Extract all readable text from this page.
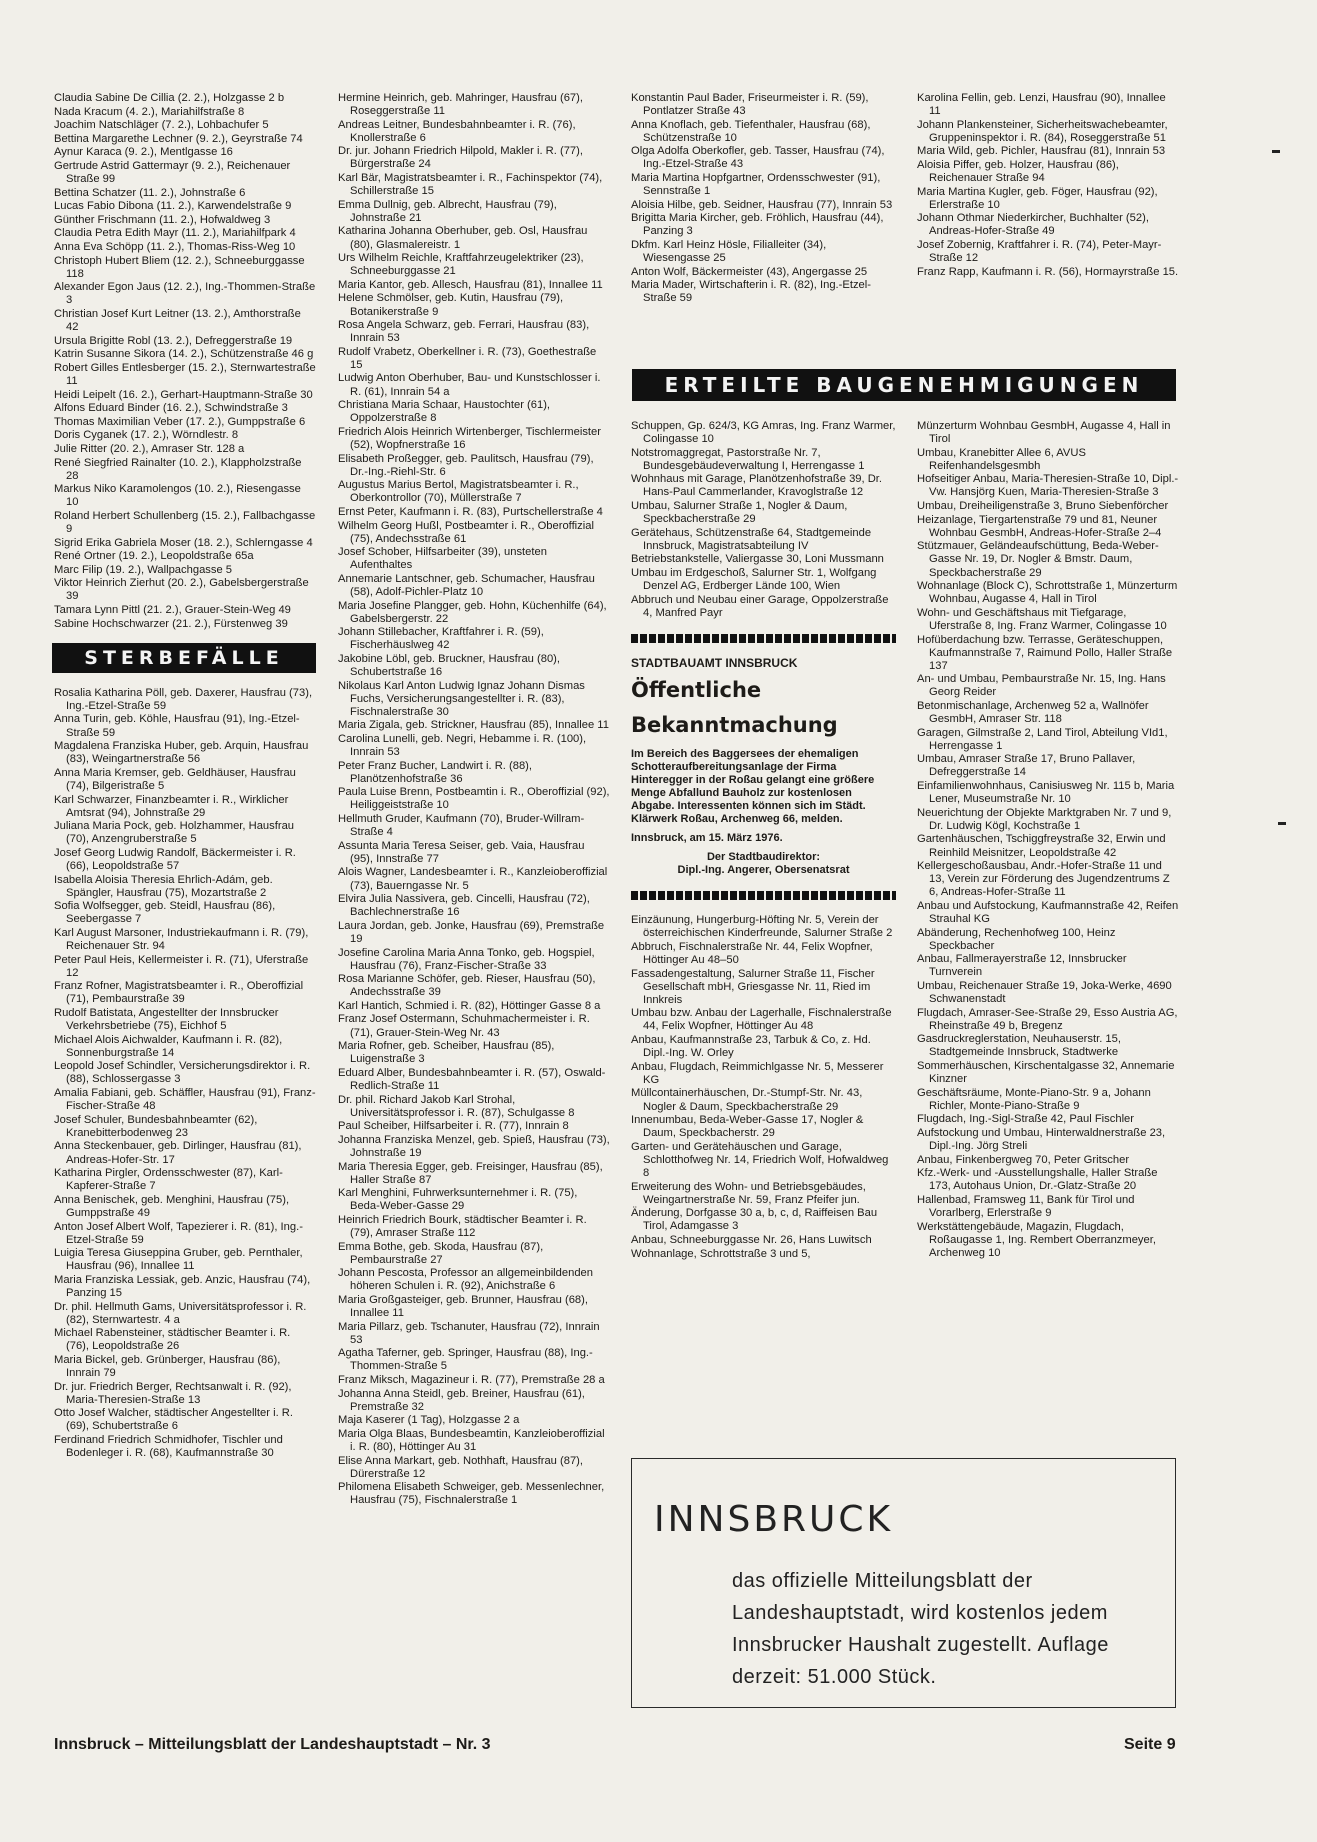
Claudia Sabine De Cillia (2. 2.), Holzgasse 2 b

Nada Kracum (4. 2.), Mariahilfstraße 8

Joachim Natschläger (7. 2.), Lohbachufer 5

Bettina Margarethe Lechner (9. 2.), Geyrstraße 74

Aynur Karaca (9. 2.), Mentlgasse 16

Gertrude Astrid Gattermayr (9. 2.), Reichenauer Straße 99

Bettina Schatzer (11. 2.), Johnstraße 6

Lucas Fabio Dibona (11. 2.), Karwendelstraße 9

Günther Frischmann (11. 2.), Hofwaldweg 3

Claudia Petra Edith Mayr (11. 2.), Mariahilfpark 4

Anna Eva Schöpp (11. 2.), Thomas-Riss-Weg 10

Christoph Hubert Bliem (12. 2.), Schneeburggasse 118

Alexander Egon Jaus (12. 2.), Ing.-Thommen-Straße 3

Christian Josef Kurt Leitner (13. 2.), Amthorstraße 42

Ursula Brigitte Robl (13. 2.), Defreggerstraße 19

Katrin Susanne Sikora (14. 2.), Schützenstraße 46 g

Robert Gilles Entlesberger (15. 2.), Sternwartestraße 11

Heidi Leipelt (16. 2.), Gerhart-Hauptmann-Straße 30

Alfons Eduard Binder (16. 2.), Schwindstraße 3

Thomas Maximilian Veber (17. 2.), Gumppstraße 6

Doris Cyganek (17. 2.), Wörndlestr. 8

Julie Ritter (20. 2.), Amraser Str. 128 a

René Siegfried Rainalter (10. 2.), Klappholzstraße 28

Markus Niko Karamolengos (10. 2.), Riesengasse 10

Roland Herbert Schullenberg (15. 2.), Fallbachgasse 9

Sigrid Erika Gabriela Moser (18. 2.), Schlerngasse 4

René Ortner (19. 2.), Leopoldstraße 65a

Marc Filip (19. 2.), Wallpachgasse 5

Viktor Heinrich Zierhut (20. 2.), Gabelsbergerstraße 39

Tamara Lynn Pittl (21. 2.), Grauer-Stein-Weg 49

Sabine Hochschwarzer (21. 2.), Fürstenweg 39

STERBEFÄLLE

Rosalia Katharina Pöll, geb. Daxerer, Hausfrau (73), Ing.-Etzel-Straße 59

Anna Turin, geb. Köhle, Hausfrau (91), Ing.-Etzel-Straße 59

Magdalena Franziska Huber, geb. Arquin, Hausfrau (83), Weingartnerstraße 56

Anna Maria Kremser, geb. Geldhäuser, Hausfrau (74), Bilgeristraße 5

Karl Schwarzer, Finanzbeamter i. R., Wirklicher Amtsrat (94), Johnstraße 29

Juliana Maria Pock, geb. Holzhammer, Hausfrau (70), Anzengruberstraße 5

Josef Georg Ludwig Randolf, Bäckermeister i. R. (66), Leopoldstraße 57

Isabella Aloisia Theresia Ehrlich-Adám, geb. Spängler, Hausfrau (75), Mozartstraße 2

Sofia Wolfsegger, geb. Steidl, Hausfrau (86), Seebergasse 7

Karl August Marsoner, Industriekaufmann i. R. (79), Reichenauer Str. 94

Peter Paul Heis, Kellermeister i. R. (71), Uferstraße 12

Franz Rofner, Magistratsbeamter i. R., Oberoffizial (71), Pembaurstraße 39

Rudolf Batistata, Angestellter der Innsbrucker Verkehrsbetriebe (75), Eichhof 5

Michael Alois Aichwalder, Kaufmann i. R. (82), Sonnenburgstraße 14

Leopold Josef Schindler, Versicherungsdirektor i. R. (88), Schlossergasse 3

Amalia Fabiani, geb. Schäffler, Hausfrau (91), Franz-Fischer-Straße 48

Josef Schuler, Bundesbahnbeamter (62), Kranebitterbodenweg 23

Anna Steckenbauer, geb. Dirlinger, Hausfrau (81), Andreas-Hofer-Str. 17

Katharina Pirgler, Ordensschwester (87), Karl-Kapferer-Straße 7

Anna Benischek, geb. Menghini, Hausfrau (75), Gumppstraße 49

Anton Josef Albert Wolf, Tapezierer i. R. (81), Ing.-Etzel-Straße 59

Luigia Teresa Giuseppina Gruber, geb. Pernthaler, Hausfrau (96), Innallee 11

Maria Franziska Lessiak, geb. Anzic, Hausfrau (74), Panzing 15

Dr. phil. Hellmuth Gams, Universitätsprofessor i. R. (82), Sternwartestr. 4 a

Michael Rabensteiner, städtischer Beamter i. R. (76), Leopoldstraße 26

Maria Bickel, geb. Grünberger, Hausfrau (86), Innrain 79

Dr. jur. Friedrich Berger, Rechtsanwalt i. R. (92), Maria-Theresien-Straße 13

Otto Josef Walcher, städtischer Angestellter i. R. (69), Schubertstraße 6

Ferdinand Friedrich Schmidhofer, Tischler und Bodenleger i. R. (68), Kaufmannstraße 30

Hermine Heinrich, geb. Mahringer, Hausfrau (67), Roseggerstraße 11

Andreas Leitner, Bundesbahnbeamter i. R. (76), Knollerstraße 6

Dr. jur. Johann Friedrich Hilpold, Makler i. R. (77), Bürgerstraße 24

Karl Bär, Magistratsbeamter i. R., Fachinspektor (74), Schillerstraße 15

Emma Dullnig, geb. Albrecht, Hausfrau (79), Johnstraße 21

Katharina Johanna Oberhuber, geb. Osl, Hausfrau (80), Glasmalereistr. 1

Urs Wilhelm Reichle, Kraftfahrzeugelektriker (23), Schneeburggasse 21

Maria Kantor, geb. Allesch, Hausfrau (81), Innallee 11

Helene Schmölser, geb. Kutin, Hausfrau (79), Botanikerstraße 9

Rosa Angela Schwarz, geb. Ferrari, Hausfrau (83), Innrain 53

Rudolf Vrabetz, Oberkellner i. R. (73), Goethestraße 15

Ludwig Anton Oberhuber, Bau- und Kunstschlosser i. R. (61), Innrain 54 a

Christiana Maria Schaar, Haustochter (61), Oppolzerstraße 8

Friedrich Alois Heinrich Wirtenberger, Tischlermeister (52), Wopfnerstraße 16

Elisabeth Proßegger, geb. Paulitsch, Hausfrau (79), Dr.-Ing.-Riehl-Str. 6

Augustus Marius Bertol, Magistratsbeamter i. R., Oberkontrollor (70), Müllerstraße 7

Ernst Peter, Kaufmann i. R. (83), Purtschellerstraße 4

Wilhelm Georg Hußl, Postbeamter i. R., Oberoffizial (75), Andechsstraße 61

Josef Schober, Hilfsarbeiter (39), unsteten Aufenthaltes

Annemarie Lantschner, geb. Schumacher, Hausfrau (58), Adolf-Pichler-Platz 10

Maria Josefine Plangger, geb. Hohn, Küchenhilfe (64), Gabelsbergerstr. 22

Johann Stillebacher, Kraftfahrer i. R. (59), Fischerhäuslweg 42

Jakobine Löbl, geb. Bruckner, Hausfrau (80), Schubertstraße 16

Nikolaus Karl Anton Ludwig Ignaz Johann Dismas Fuchs, Versicherungsangestellter i. R. (83), Fischnalerstraße 30

Maria Zigala, geb. Strickner, Hausfrau (85), Innallee 11

Carolina Lunelli, geb. Negri, Hebamme i. R. (100), Innrain 53

Peter Franz Bucher, Landwirt i. R. (88), Planötzenhofstraße 36

Paula Luise Brenn, Postbeamtin i. R., Oberoffizial (92), Heiliggeiststraße 10

Hellmuth Gruder, Kaufmann (70), Bruder-Willram-Straße 4

Assunta Maria Teresa Seiser, geb. Vaia, Hausfrau (95), Innstraße 77

Alois Wagner, Landesbeamter i. R., Kanzleioberoffizial (73), Bauerngasse Nr. 5

Elvira Julia Nassivera, geb. Cincelli, Hausfrau (72), Bachlechnerstraße 16

Laura Jordan, geb. Jonke, Hausfrau (69), Premstraße 19

Josefine Carolina Maria Anna Tonko, geb. Hogspiel, Hausfrau (76), Franz-Fischer-Straße 33

Rosa Marianne Schöfer, geb. Rieser, Hausfrau (50), Andechsstraße 39

Karl Hantich, Schmied i. R. (82), Höttinger Gasse 8 a

Franz Josef Ostermann, Schuhmachermeister i. R. (71), Grauer-Stein-Weg Nr. 43

Maria Rofner, geb. Scheiber, Hausfrau (85), Luigenstraße 3

Eduard Alber, Bundesbahnbeamter i. R. (57), Oswald-Redlich-Straße 11

Dr. phil. Richard Jakob Karl Strohal, Universitätsprofessor i. R. (87), Schulgasse 8

Paul Scheiber, Hilfsarbeiter i. R. (77), Innrain 8

Johanna Franziska Menzel, geb. Spieß, Hausfrau (73), Johnstraße 19

Maria Theresia Egger, geb. Freisinger, Hausfrau (85), Haller Straße 87

Karl Menghini, Fuhrwerksunternehmer i. R. (75), Beda-Weber-Gasse 29

Heinrich Friedrich Bourk, städtischer Beamter i. R. (79), Amraser Straße 112

Emma Bothe, geb. Skoda, Hausfrau (87), Pembaurstraße 27

Johann Pescosta, Professor an allgemeinbildenden höheren Schulen i. R. (92), Anichstraße 6

Maria Großgasteiger, geb. Brunner, Hausfrau (68), Innallee 11

Maria Pillarz, geb. Tschanuter, Hausfrau (72), Innrain 53

Agatha Taferner, geb. Springer, Hausfrau (88), Ing.-Thommen-Straße 5

Franz Miksch, Magazineur i. R. (77), Premstraße 28 a

Johanna Anna Steidl, geb. Breiner, Hausfrau (61), Premstraße 32

Maja Kaserer (1 Tag), Holzgasse 2 a

Maria Olga Blaas, Bundesbeamtin, Kanzleioberoffizial i. R. (80), Höttinger Au 31

Elise Anna Markart, geb. Nothhaft, Hausfrau (87), Dürerstraße 12

Philomena Elisabeth Schweiger, geb. Messenlechner, Hausfrau (75), Fischnalerstraße 1

Konstantin Paul Bader, Friseurmeister i. R. (59), Pontlatzer Straße 43

Anna Knoflach, geb. Tiefenthaler, Hausfrau (68), Schützenstraße 10

Olga Adolfa Oberkofler, geb. Tasser, Hausfrau (74), Ing.-Etzel-Straße 43

Maria Martina Hopfgartner, Ordensschwester (91), Sennstraße 1

Aloisia Hilbe, geb. Seidner, Hausfrau (77), Innrain 53

Brigitta Maria Kircher, geb. Fröhlich, Hausfrau (44), Panzing 3

Dkfm. Karl Heinz Hösle, Filialleiter (34), Wiesengasse 25

Anton Wolf, Bäckermeister (43), Angergasse 25

Maria Mader, Wirtschafterin i. R. (82), Ing.-Etzel-Straße 59

Karolina Fellin, geb. Lenzi, Hausfrau (90), Innallee 11

Johann Plankensteiner, Sicherheitswachebeamter, Gruppeninspektor i. R. (84), Roseggerstraße 51

Maria Wild, geb. Pichler, Hausfrau (81), Innrain 53

Aloisia Piffer, geb. Holzer, Hausfrau (86), Reichenauer Straße 94

Maria Martina Kugler, geb. Föger, Hausfrau (92), Erlerstraße 10

Johann Othmar Niederkircher, Buchhalter (52), Andreas-Hofer-Straße 49

Josef Zobernig, Kraftfahrer i. R. (74), Peter-Mayr-Straße 12

Franz Rapp, Kaufmann i. R. (56), Hormayrstraße 15.

ERTEILTE BAUGENEHMIGUNGEN

Schuppen, Gp. 624/3, KG Amras, Ing. Franz Warmer, Colingasse 10

Notstromaggregat, Pastorstraße Nr. 7, Bundesgebäudeverwaltung I, Herrengasse 1

Wohnhaus mit Garage, Planötzenhofstraße 39, Dr. Hans-Paul Cammerlander, Kravoglstraße 12

Umbau, Salurner Straße 1, Nogler & Daum, Speckbacherstraße 29

Gerätehaus, Schützenstraße 64, Stadtgemeinde Innsbruck, Magistratsabteilung IV

Betriebstankstelle, Valiergasse 30, Loni Mussmann

Umbau im Erdgeschoß, Salurner Str. 1, Wolfgang Denzel AG, Erdberger Lände 100, Wien

Abbruch und Neubau einer Garage, Oppolzerstraße 4, Manfred Payr

STADTBAUAMT INNSBRUCK
Öffentliche
Bekanntmachung

Im Bereich des Baggersees der ehemaligen Schotteraufbereitungsanlage der Firma Hinteregger in der Roßau gelangt eine größere Menge Abfallund Bauholz zur kostenlosen Abgabe. Interessenten können sich im Städt. Klärwerk Roßau, Archenweg 66, melden.

Innsbruck, am 15. März 1976.

Der Stadtbaudirektor:
Dipl.-Ing. Angerer, Obersenatsrat

Einzäunung, Hungerburg-Höfting Nr. 5, Verein der österreichischen Kinderfreunde, Salurner Straße 2

Abbruch, Fischnalerstraße Nr. 44, Felix Wopfner, Höttinger Au 48–50

Fassadengestaltung, Salurner Straße 11, Fischer Gesellschaft mbH, Griesgasse Nr. 11, Ried im Innkreis

Umbau bzw. Anbau der Lagerhalle, Fischnalerstraße 44, Felix Wopfner, Höttinger Au 48

Anbau, Kaufmannstraße 23, Tarbuk & Co, z. Hd. Dipl.-Ing. W. Orley

Anbau, Flugdach, Reimmichlgasse Nr. 5, Messerer KG

Müllcontainerhäuschen, Dr.-Stumpf-Str. Nr. 43, Nogler & Daum, Speckbacherstraße 29

Innenumbau, Beda-Weber-Gasse 17, Nogler & Daum, Speckbacherstr. 29

Garten- und Gerätehäuschen und Garage, Schlotthofweg Nr. 14, Friedrich Wolf, Hofwaldweg 8

Erweiterung des Wohn- und Betriebsgebäudes, Weingartnerstraße Nr. 59, Franz Pfeifer jun.

Änderung, Dorfgasse 30 a, b, c, d, Raiffeisen Bau Tirol, Adamgasse 3

Anbau, Schneeburggasse Nr. 26, Hans Luwitsch

Wohnanlage, Schrottstraße 3 und 5,

Münzerturm Wohnbau GesmbH, Augasse 4, Hall in Tirol

Umbau, Kranebitter Allee 6, AVUS Reifenhandelsgesmbh

Hofseitiger Anbau, Maria-Theresien-Straße 10, Dipl.-Vw. Hansjörg Kuen, Maria-Theresien-Straße 3

Umbau, Dreiheiligenstraße 3, Bruno Siebenförcher

Heizanlage, Tiergartenstraße 79 und 81, Neuner Wohnbau GesmbH, Andreas-Hofer-Straße 2–4

Stützmauer, Geländeaufschüttung, Beda-Weber-Gasse Nr. 19, Dr. Nogler & Bmstr. Daum, Speckbacherstraße 29

Wohnanlage (Block C), Schrottstraße 1, Münzerturm Wohnbau, Augasse 4, Hall in Tirol

Wohn- und Geschäftshaus mit Tiefgarage, Uferstraße 8, Ing. Franz Warmer, Colingasse 10

Hofüberdachung bzw. Terrasse, Geräteschuppen, Kaufmannstraße 7, Raimund Pollo, Haller Straße 137

An- und Umbau, Pembaurstraße Nr. 15, Ing. Hans Georg Reider

Betonmischanlage, Archenweg 52 a, Wallnöfer GesmbH, Amraser Str. 118

Garagen, Gilmstraße 2, Land Tirol, Abteilung VId1, Herrengasse 1

Umbau, Amraser Straße 17, Bruno Pallaver, Defreggerstraße 14

Einfamilienwohnhaus, Canisiusweg Nr. 115 b, Maria Lener, Museumstraße Nr. 10

Neuerichtung der Objekte Marktgraben Nr. 7 und 9, Dr. Ludwig Kögl, Kochstraße 1

Gartenhäuschen, Tschiggfreystraße 32, Erwin und Reinhild Meisnitzer, Leopoldstraße 42

Kellergeschoßausbau, Andr.-Hofer-Straße 11 und 13, Verein zur Förderung des Jugendzentrums Z 6, Andreas-Hofer-Straße 11

Anbau und Aufstockung, Kaufmannstraße 42, Reifen Strauhal KG

Abänderung, Rechenhofweg 100, Heinz Speckbacher

Anbau, Fallmerayerstraße 12, Innsbrucker Turnverein

Umbau, Reichenauer Straße 19, Joka-Werke, 4690 Schwanenstadt

Flugdach, Amraser-See-Straße 29, Esso Austria AG, Rheinstraße 49 b, Bregenz

Gasdruckreglerstation, Neuhauserstr. 15, Stadtgemeinde Innsbruck, Stadtwerke

Sommerhäuschen, Kirschentalgasse 32, Annemarie Kinzner

Geschäftsräume, Monte-Piano-Str. 9 a, Johann Richler, Monte-Piano-Straße 9

Flugdach, Ing.-Sigl-Straße 42, Paul Fischler

Aufstockung und Umbau, Hinterwaldnerstraße 23, Dipl.-Ing. Jörg Streli

Anbau, Finkenbergweg 70, Peter Gritscher

Kfz.-Werk- und -Ausstellungshalle, Haller Straße 173, Autohaus Union, Dr.-Glatz-Straße 20

Hallenbad, Framsweg 11, Bank für Tirol und Vorarlberg, Erlerstraße 9

Werkstättengebäude, Magazin, Flugdach, Roßaugasse 1, Ing. Rembert Oberranzmeyer, Archenweg 10

INNSBRUCK
das offizielle Mitteilungsblatt der Landeshauptstadt, wird kostenlos jedem Innsbrucker Haushalt zugestellt. Auflage derzeit: 51.000 Stück.
Innsbruck – Mitteilungsblatt der Landeshauptstadt – Nr. 3	Seite 9
